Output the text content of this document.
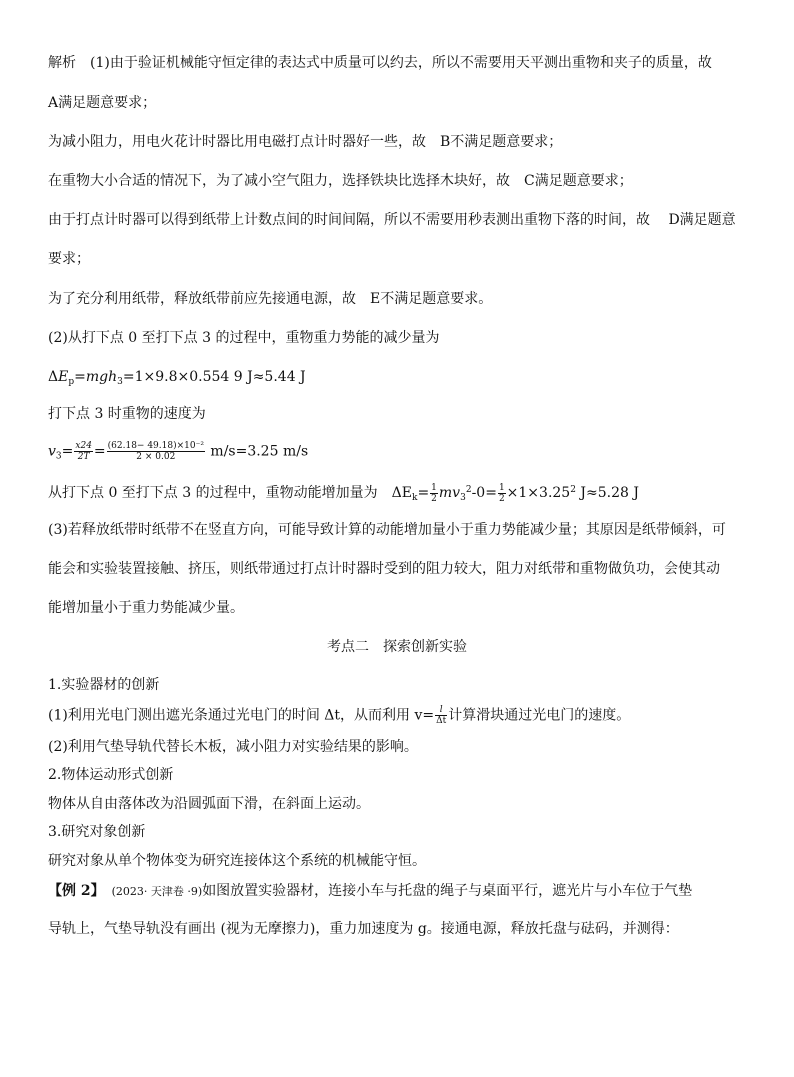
解析　 (1)由于验证机械能守恒定律的表达式中质量可以约去，所以不需要用天平测出重物和夹子的质量，故
A满足题意要求；
为减小阻力，用电火花计时器比用电磁打点计时器好一些，故　B不满足题意要求；
在重物大小合适的情况下，为了减小空气阻力，选择铁块比选择木块好，故　C满足题意要求；
由于打点计时器可以得到纸带上计数点间的时间间隔，所以不需要用秒表测出重物下落的时间，故　 D满足题意
要求；
为了充分利用纸带，释放纸带前应先接通电源，故　E不满足题意要求。
(2)从打下点 0 至打下点 3 的过程中，重物重力势能的减少量为
$\Delta E_p=mgh_3=1\times 9.8\times 0.554$ 9 J≈5.44 J
打下点 3 时重物的速度为
$v_3= \frac{x24}{2T} = \frac{\text{(62.18− 49.18)×10⁻²}}{2 \times 0.02} m/s=3.25$ m/s
从打下点 0 至打下点 3 的过程中，重物动能增加量为　 $\Delta E_k= \frac{1}{2} mv_3^2-0= \frac{1}{2} \times 1\times 3.25^2$ J≈5.28 J
(3)若释放纸带时纸带不在竖直方向，可能导致计算的动能增加量小于重力势能减少量；其原因是纸带倾斜，可
能会和实验装置接触、挤压，则纸带通过打点计时器时受到的阻力较大，阻力对纸带和重物做负功，会使其动
能增加量小于重力势能减少量。
考点二　探索创新实验
1.实验器材的创新
(1)利用光电门测出遮光条通过光电门的时间 Δt，从而利用 $v= \frac{l}{\Delta t}$ 计算滑块通过光电门的速度。
(2)利用气垫导轨代替长木板，减小阻力对实验结果的影响。
2.物体运动形式创新
物体从自由落体改为沿圆弧面下滑，在斜面上运动。
3.研究对象创新
研究对象从单个物体变为研究连接体这个系统的机械能守恒。
【例 2】　 (2023· 天津卷 ·9)如图放置实验器材，连接小车与托盘的绳子与桌面平行，遮光片与小车位于气垫
导轨上，气垫导轨没有画出 (视为无摩擦力)，重力加速度为 g。接通电源，释放托盘与砝码，并测得：
